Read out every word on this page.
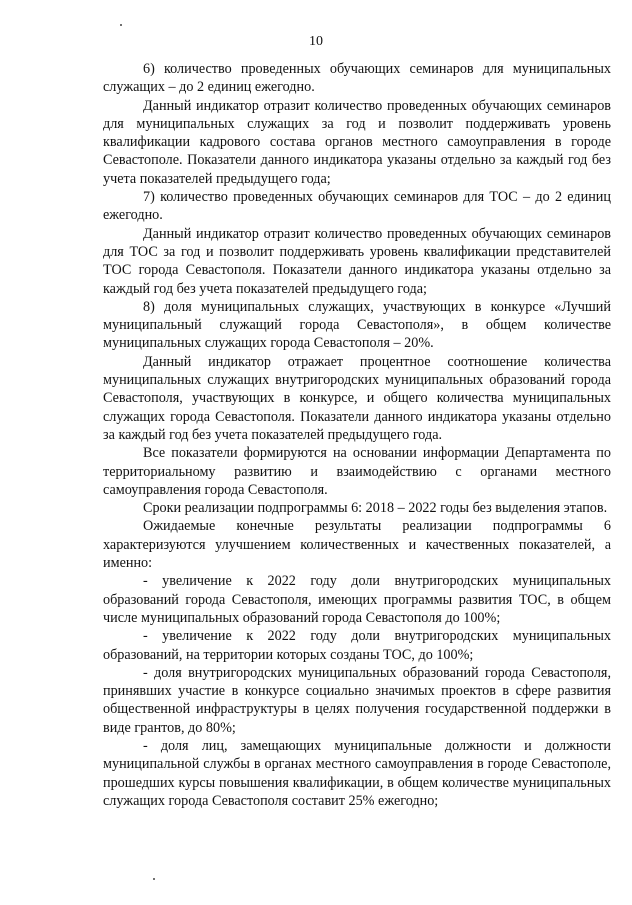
10

6) количество проведенных обучающих семинаров для муниципальных служащих – до 2 единиц ежегодно.

Данный индикатор отразит количество проведенных обучающих семинаров для муниципальных служащих за год и позволит поддерживать уровень квалификации кадрового состава органов местного самоуправления в городе Севастополе. Показатели данного индикатора указаны отдельно за каждый год без учета показателей предыдущего года;

7) количество проведенных обучающих семинаров для ТОС – до 2 единиц ежегодно.

Данный индикатор отразит количество проведенных обучающих семинаров для ТОС за год и позволит поддерживать уровень квалификации представителей ТОС города Севастополя. Показатели данного индикатора указаны отдельно за каждый год без учета показателей предыдущего года;

8) доля муниципальных служащих, участвующих в конкурсе «Лучший муниципальный служащий города Севастополя», в общем количестве муниципальных служащих города Севастополя – 20%.

Данный индикатор отражает процентное соотношение количества муниципальных служащих внутригородских муниципальных образований города Севастополя, участвующих в конкурсе, и общего количества муниципальных служащих города Севастополя. Показатели данного индикатора указаны отдельно за каждый год без учета показателей предыдущего года.

Все показатели формируются на основании информации Департамента по территориальному развитию и взаимодействию с органами местного самоуправления города Севастополя.

Сроки реализации подпрограммы 6: 2018 – 2022 годы без выделения этапов.

Ожидаемые конечные результаты реализации подпрограммы 6 характеризуются улучшением количественных и качественных показателей, а именно:

- увеличение к 2022 году доли внутригородских муниципальных образований города Севастополя, имеющих программы развития ТОС, в общем числе муниципальных образований города Севастополя до 100%;

- увеличение к 2022 году доли внутригородских муниципальных образований, на территории которых созданы ТОС, до 100%;

- доля внутригородских муниципальных образований города Севастополя, принявших участие в конкурсе социально значимых проектов в сфере развития общественной инфраструктуры в целях получения государственной поддержки в виде грантов, до 80%;

- доля лиц, замещающих муниципальные должности и должности муниципальной службы в органах местного самоуправления в городе Севастополе, прошедших курсы повышения квалификации, в общем количестве муниципальных служащих города Севастополя составит 25% ежегодно;
